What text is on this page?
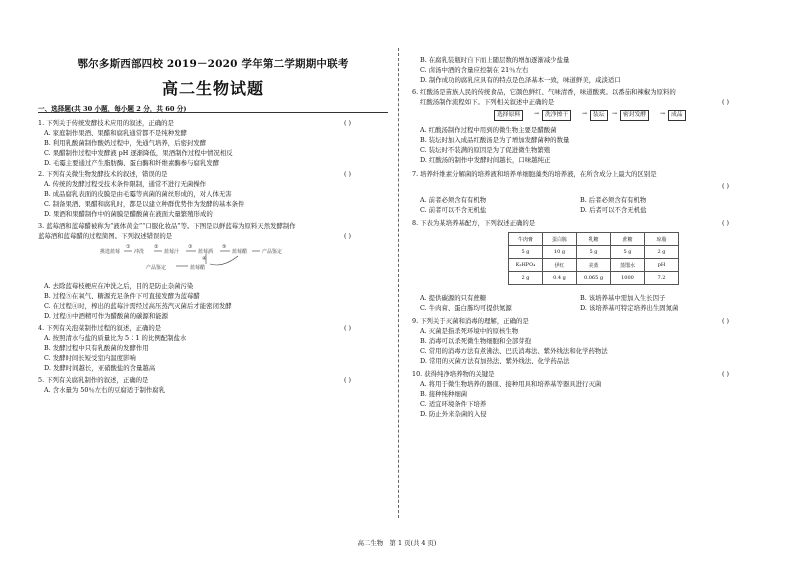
鄂尔多斯西部四校 2019－2020 学年第二学期期中联考
高二生物试题
一、选择题(共 30 小题，每小题 2 分，共 60 分)
1. 下列关于传统发酵技术应用的叙述，正确的是	( )
A. 家庭制作果酒、果醋和腐乳通常都不是纯种发酵
B. 利用乳酸菌制作酸奶过程中，先通气培养，后密封发酵
C. 果醋制作过程中发酵液 pH 逐渐降低，果酒制作过程中情况相反
D. 毛霉主要通过产生脂肪酶、蛋白酶和纤维素酶参与腐乳发酵
2. 下列有关微生物发酵技术的叙述，错误的是	( )
A. 传统的发酵过程受技术条件限制，通常不进行无菌操作
B. 成品腐乳表面的皮膜是由毛霉等真菌的菌丝形成的，对人体无害
C. 制备果酒、果醋和腐乳时，都是以建立种群优势作为发酵的基本条件
D. 果酒和果醋制作中的菌膜是醋酸菌在液面大量繁殖形成的
3. 蓝莓酒和蓝莓醋被称为“液体黄金”“口服化妆品”等。下图是以鲜蓝莓为原料天然发酵制作
蓝莓酒和蓝莓醋的过程简图。下列叙述错误的是	( )
挑选蓝莓
①
冲洗
②
蓝莓汁
③
蓝莓酒
⑤
蓝莓醋	产品鉴定
产品鉴定	蓝莓醋
④
A. 去除蓝莓枝梗应在冲洗之后，目的是防止杂菌污染
B. 过程⑤在氧气、糖源充足条件下可直接发酵为蓝莓醋
C. 在过程④时，榨出的蓝莓汁需经过高压蒸汽灭菌后才能密闭发酵
D. 过程⑤中酒精可作为醋酸菌的碳源和能源
4. 下列有关泡菜制作过程的叙述，正确的是	( )
A. 按照清水与盐的质量比为 5∶1 的比例配制盐水
B. 发酵过程中只有乳酸菌的发酵作用
C. 发酵时间长短受室内温度影响
D. 发酵时间越长，亚硝酸盐的含量越高
5. 下列有关腐乳制作的叙述，正确的是	( )
A. 含水量为 50％左右的豆腐适于制作腐乳
B. 在腐乳装瓶时自下而上随层数的增加逐渐减少盐量
C. 卤汤中酒的含量应控制在 21％左右
D. 制作成功的腐乳应具有的特点是色泽基本一致，味道鲜美，咸淡适口
6. 红酸汤是苗族人民的传统食品，它颜色鲜红、气味清香，味道酸爽。以番茄和辣椒为原料的
红酸汤制作流程如下。下列相关叙述中正确的是	( )
选择原料	→	洗净擦干	→	装坛	→	密封发酵	→	成品
A. 红酸汤制作过程中用到的微生物主要是醋酸菌
B. 装坛时加入成品红酸汤是为了增加发酵菌种的数量
C. 装坛时不装满的原因是为了促进微生物繁殖
D. 红酸汤的制作中发酵时间越长，口味越纯正
7. 培养纤维素分解菌的培养液和培养单细胞藻类的培养液，在所含成分上最大的区别是
( )
A. 前者必须含有有机物	B. 后者必须含有有机物
C. 前者可以不含无机盐	D. 后者可以不含无机盐
8. 下表为某培养基配方，下列叙述正确的是	( )
牛肉膏	蛋白胨	乳糖	蔗糖	琼脂
5 g	10 g	5 g	5 g	2 g
K₂HPO₄	伊红	美蓝	蒸馏水	pH
2 g	0.4 g	0.065 g	1000	7.2
A. 提供碳源的只有蔗糖	B. 该培养基中需加入生长因子
C. 牛肉膏、蛋白胨均可提供氮源	D. 该培养基可特定培养出生固氮菌
9. 下列关于灭菌和消毒的理解，正确的是	( )
A. 灭菌是指杀死环境中的原核生物
B. 消毒可以杀死微生物细胞和全部芽孢
C. 常用的消毒方法有煮沸法、巴氏消毒法、紫外线法和化学药物法
D. 常用的灭菌方法有加热法、紫外线法、化学药品法
10. 获得纯净培养物的关键是	( )
A. 将用于微生物培养的器皿、接种用具和培养基等器具进行灭菌
B. 接种纯种细菌
C. 适宜环境条件下培养
D. 防止外来杂菌的入侵
高二生物　第 1 页(共 4 页)
